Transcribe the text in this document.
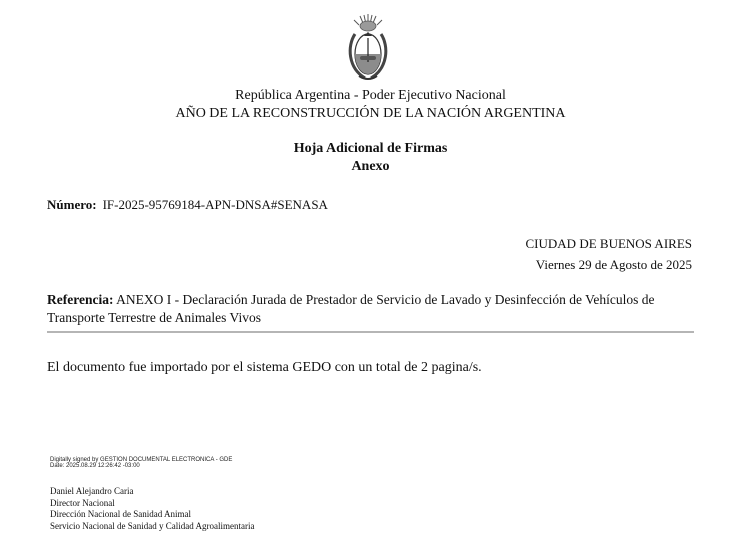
República Argentina - Poder Ejecutivo Nacional
AÑO DE LA RECONSTRUCCIÓN DE LA NACIÓN ARGENTINA
Hoja Adicional de Firmas
Anexo
Número: IF-2025-95769184-APN-DNSA#SENASA
CIUDAD DE BUENOS AIRES
Viernes 29 de Agosto de 2025
Referencia: ANEXO I - Declaración Jurada de Prestador de Servicio de Lavado y Desinfección de Vehículos de Transporte Terrestre de Animales Vivos
El documento fue importado por el sistema GEDO con un total de 2 pagina/s.
Digitally signed by GESTION DOCUMENTAL ELECTRONICA - GDE
Date: 2025.08.29 12:26:42 -03:00
Daniel Alejandro Caria
Director Nacional
Dirección Nacional de Sanidad Animal
Servicio Nacional de Sanidad y Calidad Agroalimentaria
